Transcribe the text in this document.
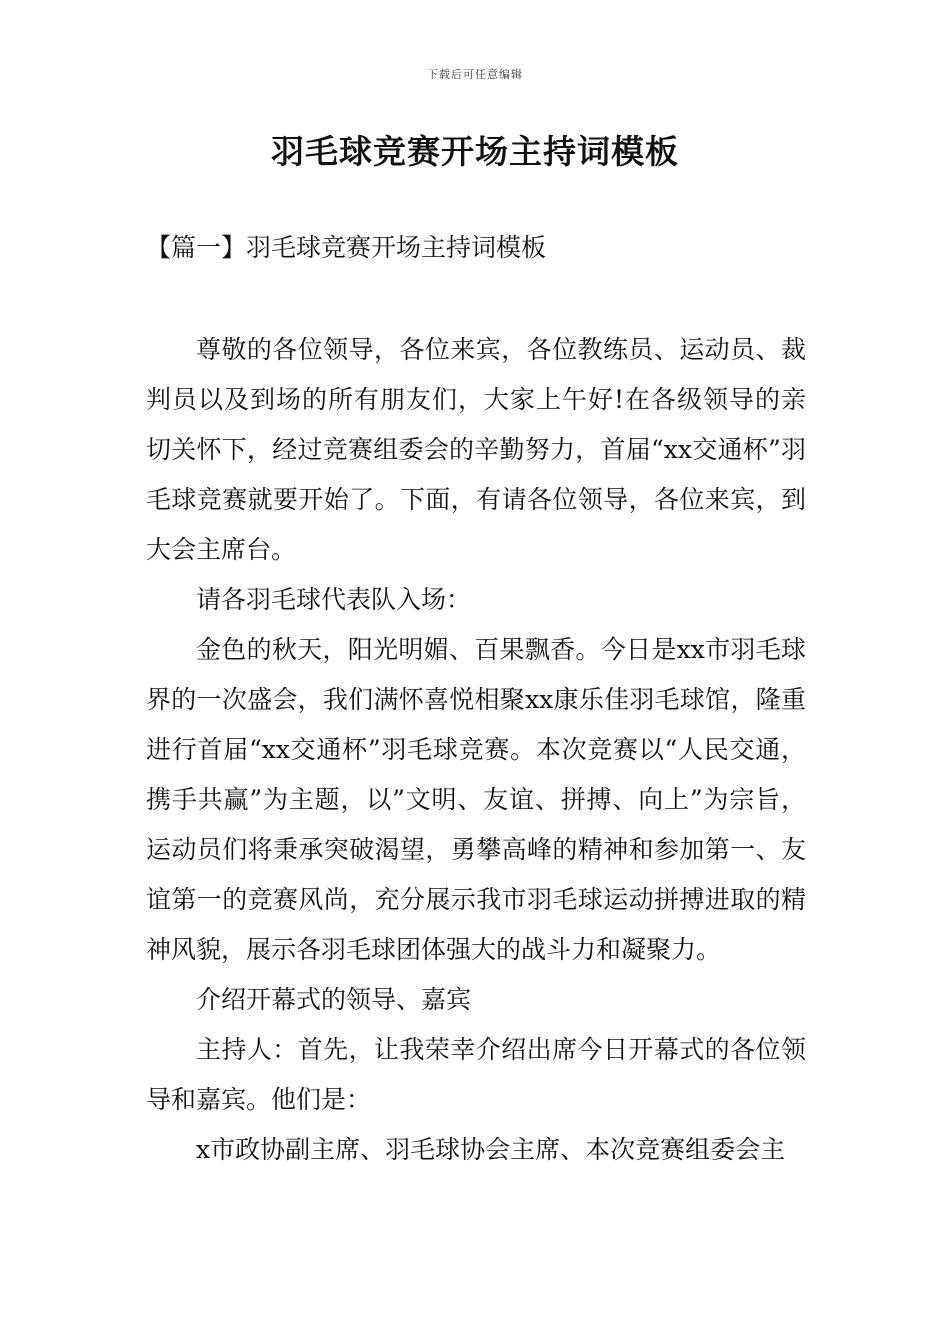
下载后可任意编辑
羽毛球竞赛开场主持词模板
【篇一】羽毛球竞赛开场主持词模板

尊敬的各位领导，各位来宾，各位教练员、运动员、裁判员以及到场的所有朋友们，大家上午好!在各级领导的亲切关怀下，经过竞赛组委会的辛勤努力，首届“xx交通杯”羽毛球竞赛就要开始了。下面，有请各位领导，各位来宾，到大会主席台。

请各羽毛球代表队入场：

金色的秋天，阳光明媚、百果飘香。今日是xx市羽毛球界的一次盛会，我们满怀喜悦相聚xx康乐佳羽毛球馆，隆重进行首届“xx交通杯”羽毛球竞赛。本次竞赛以“人民交通，携手共赢”为主题，以”文明、友谊、拼搏、向上”为宗旨，运动员们将秉承突破渴望，勇攀高峰的精神和参加第一、友谊第一的竞赛风尚，充分展示我市羽毛球运动拼搏进取的精神风貌，展示各羽毛球团体强大的战斗力和凝聚力。

介绍开幕式的领导、嘉宾

主持人：首先，让我荣幸介绍出席今日开幕式的各位领导和嘉宾。他们是：

x市政协副主席、羽毛球协会主席、本次竞赛组委会主
